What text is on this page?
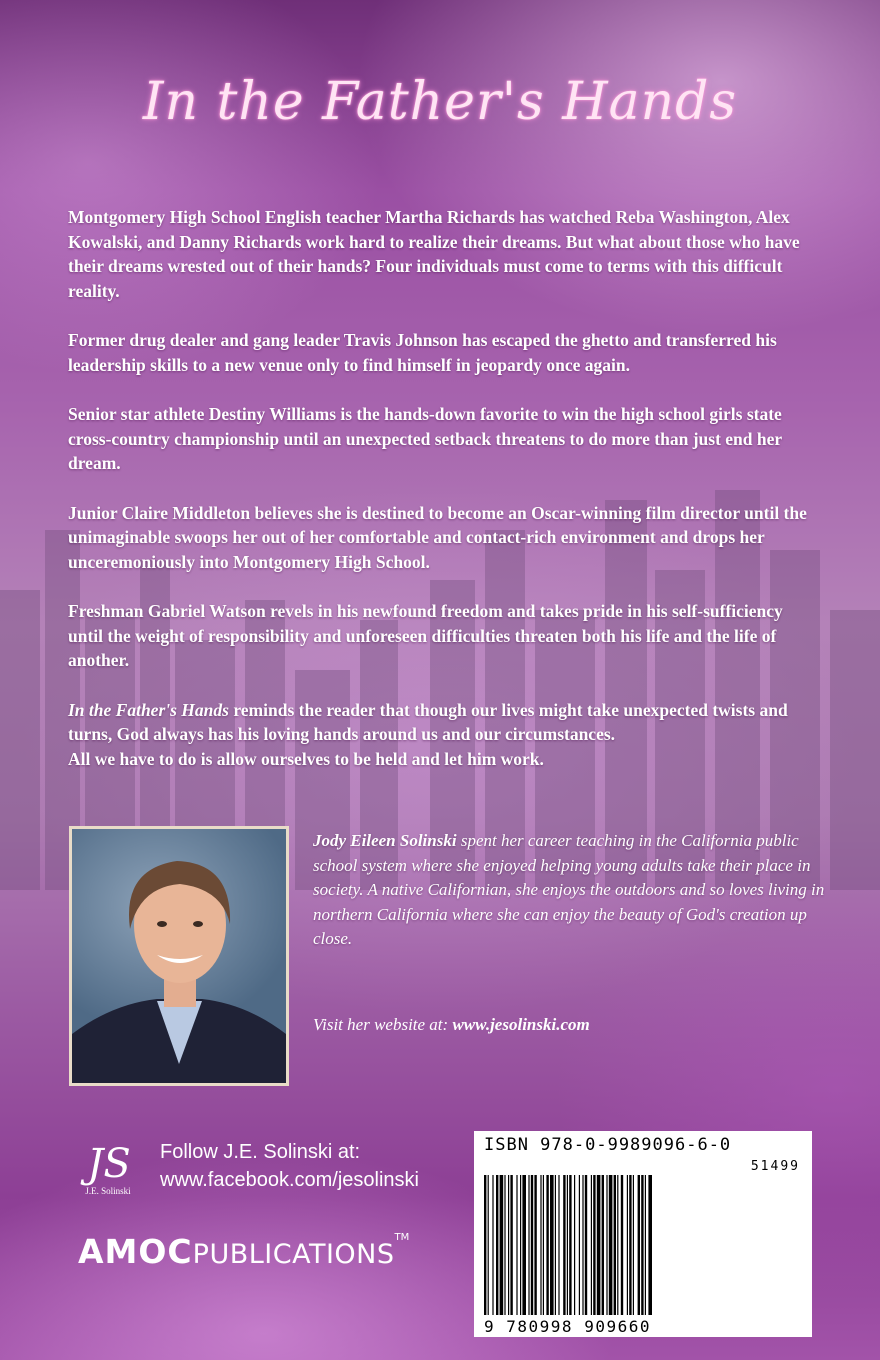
In the Father's Hands

Montgomery High School English teacher Martha Richards has watched Reba Washington, Alex Kowalski, and Danny Richards work hard to realize their dreams. But what about those who have their dreams wrested out of their hands? Four individuals must come to terms with this difficult reality.

Former drug dealer and gang leader Travis Johnson has escaped the ghetto and transferred his leadership skills to a new venue only to find himself in jeopardy once again.

Senior star athlete Destiny Williams is the hands-down favorite to win the high school girls state cross-country championship until an unexpected setback threatens to do more than just end her dream.

Junior Claire Middleton believes she is destined to become an Oscar-winning film director until the unimaginable swoops her out of her comfortable and contact-rich environment and drops her unceremoniously into Montgomery High School.

Freshman Gabriel Watson revels in his newfound freedom and takes pride in his self-sufficiency until the weight of responsibility and unforeseen difficulties threaten both his life and the life of another.

In the Father's Hands reminds the reader that though our lives might take unexpected twists and turns, God always has his loving hands around us and our circumstances.
All we have to do is allow ourselves to be held and let him work.

Jody Eileen Solinski spent her career teaching in the California public school system where she enjoyed helping young adults take their place in society. A native Californian, she enjoys the outdoors and so loves living in northern California where she can enjoy the beauty of God's creation up close.

Visit her website at: www.jesolinski.com
JS
J.E. Solinski
Follow J.E. Solinski at:
www.facebook.com/jesolinski
AMOCPUBLICATIONS™
ISBN 978-0-9989096-6-0
51499
9 780998 909660
